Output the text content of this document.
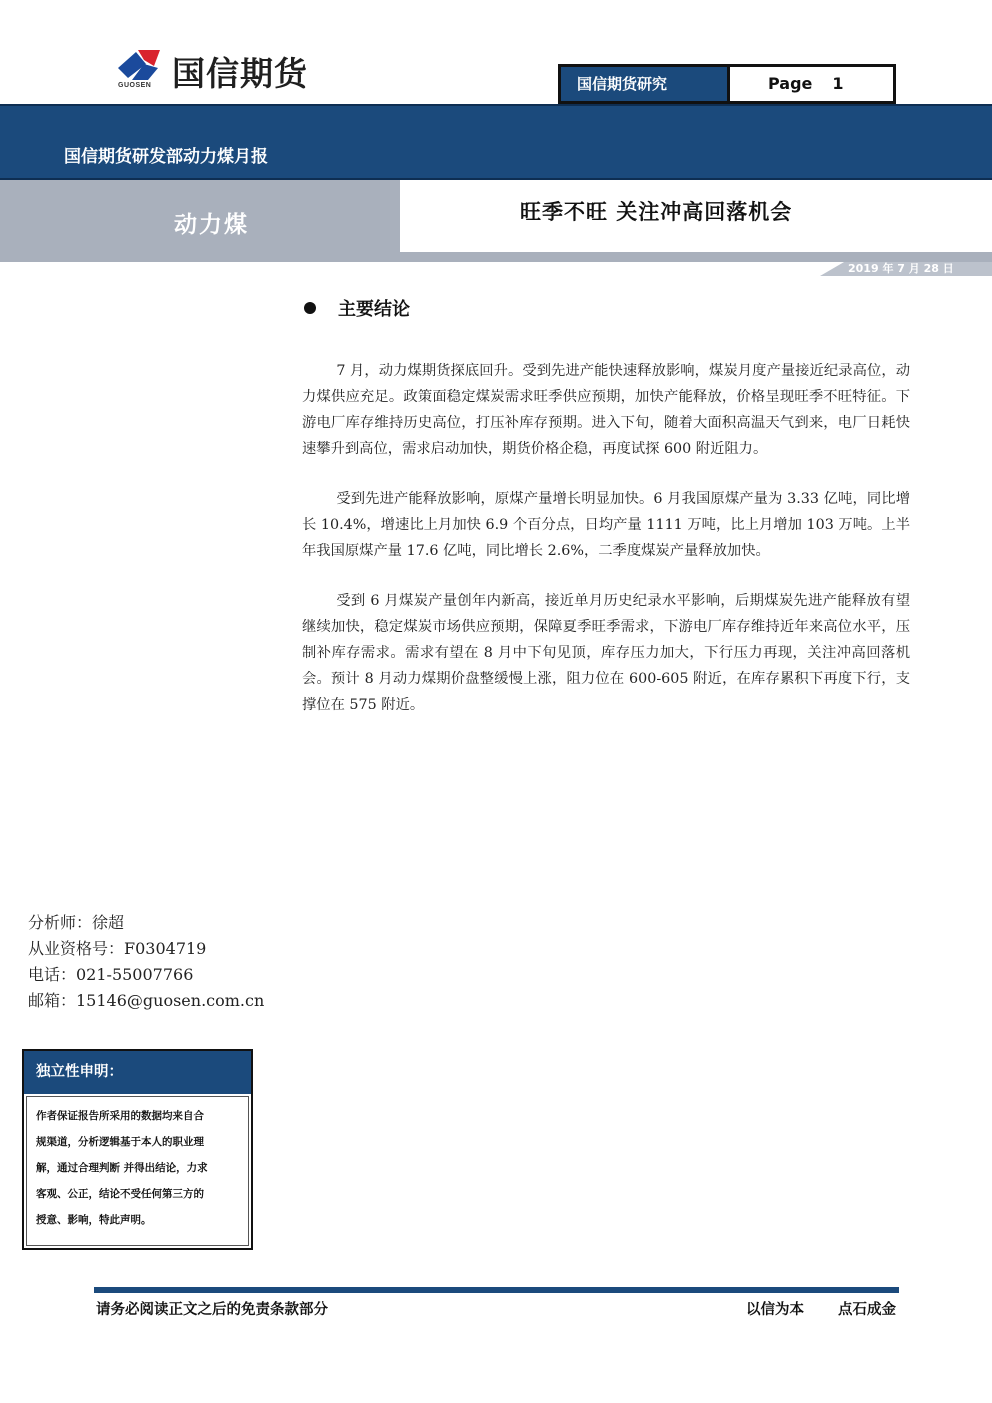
国信期货
GUOSEN	国信期货研究	Page 1
国信期货研发部动力煤月报
动力煤	旺季不旺 关注冲高回落机会
2019 年 7 月 28 日
主要结论

7 月，动力煤期货探底回升。受到先进产能快速释放影响，煤炭月度产量接近纪录高位，动力煤供应充足。政策面稳定煤炭需求旺季供应预期，加快产能释放，价格呈现旺季不旺特征。下游电厂库存维持历史高位，打压补库存预期。进入下旬，随着大面积高温天气到来，电厂日耗快速攀升到高位，需求启动加快，期货价格企稳，再度试探 600 附近阻力。

受到先进产能释放影响，原煤产量增长明显加快。6 月我国原煤产量为 3.33 亿吨，同比增长 10.4%，增速比上月加快 6.9 个百分点，日均产量 1111 万吨，比上月增加 103 万吨。上半年我国原煤产量 17.6 亿吨，同比增长 2.6%，二季度煤炭产量释放加快。

受到 6 月煤炭产量创年内新高，接近单月历史纪录水平影响，后期煤炭先进产能释放有望继续加快，稳定煤炭市场供应预期，保障夏季旺季需求，下游电厂库存维持近年来高位水平，压制补库存需求。需求有望在 8 月中下旬见顶，库存压力加大，下行压力再现，关注冲高回落机会。预计 8 月动力煤期价盘整缓慢上涨，阻力位在 600-605 附近，在库存累积下再度下行，支撑位在 575 附近。

分析师：徐超
从业资格号：F0304719
电话：021-55007766
邮箱：15146@guosen.com.cn
独立性申明：
作者保证报告所采用的数据均来自合
规渠道，分析逻辑基于本人的职业理
解，通过合理判断 并得出结论，力求
客观、公正，结论不受任何第三方的
授意、影响，特此声明。
请务必阅读正文之后的免责条款部分	以信为本 点石成金
